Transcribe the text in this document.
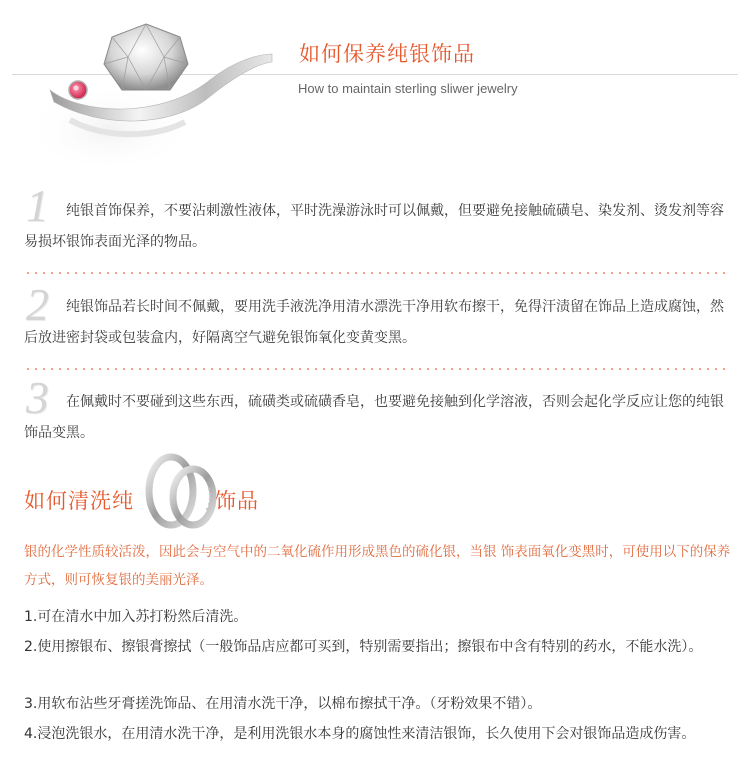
如何保养纯银饰品
How to maintain sterling sliwer jewelry
1	纯银首饰保养，不要沾刺激性液体，平时洗澡游泳时可以佩戴，但要避免接触硫磺皂、染发剂、烫发剂等容易损坏银饰表面光泽的物品。
2	纯银饰品若长时间不佩戴，要用洗手液洗净用清水漂洗干净用软布擦干，免得汗渍留在饰品上造成腐蚀，然后放进密封袋或包装盒内，好隔离空气避免银饰氧化变黄变黑。
3	在佩戴时不要碰到这些东西，硫磺类或硫磺香皂，也要避免接触到化学溶液，否则会起化学反应让您的纯银饰品变黑。
如何清洗纯	饰品
银的化学性质较活泼，因此会与空气中的二氧化硫作用形成黑色的硫化银，当银 饰表面氧化变黑时，可使用以下的保养方式，则可恢复银的美丽光泽。
1.可在清水中加入苏打粉然后清洗。
2.使用擦银布、擦银膏擦拭（一般饰品店应都可买到，特别需要指出；擦银布中含有特别的药水，不能水洗）。
3.用软布沾些牙膏搓洗饰品、在用清水洗干净，以棉布擦拭干净。（牙粉效果不错）。
4.浸泡洗银水，在用清水洗干净，是利用洗银水本身的腐蚀性来清洁银饰，长久使用下会对银饰品造成伤害。
